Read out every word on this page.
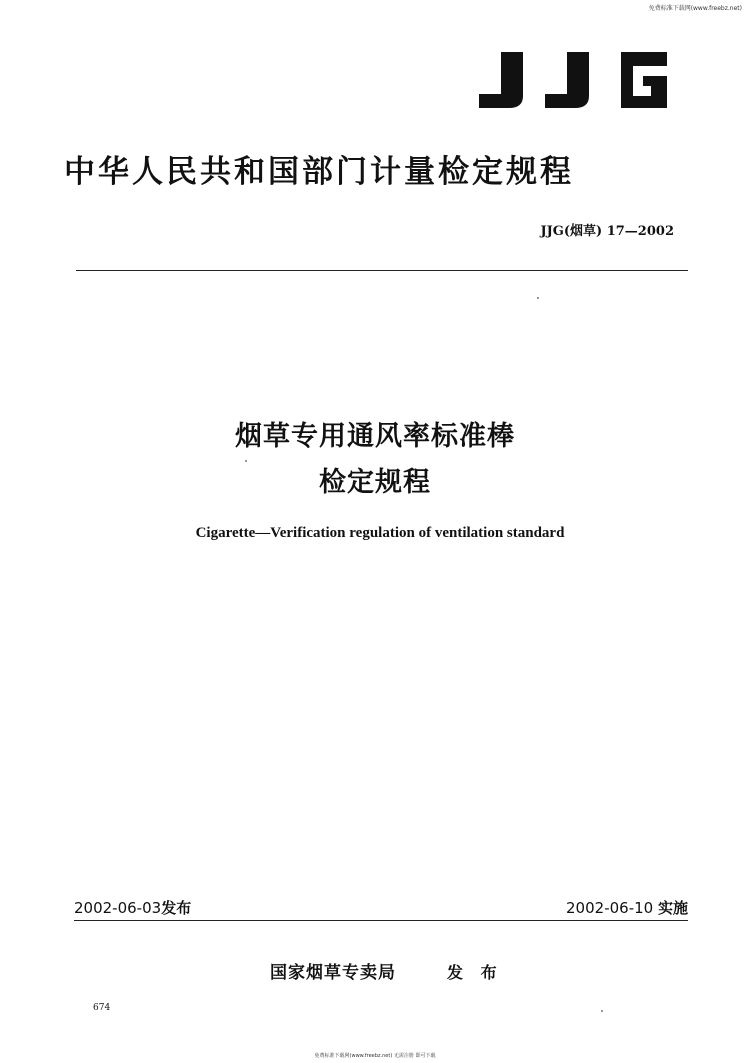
免费标准下载网(www.freebz.net)
中华人民共和国部门计量检定规程
JJG(烟草) 17—2002
烟草专用通风率标准棒
检定规程
Cigarette—Verification regulation of ventilation standard
2002-06-03发布	2002-06-10 实施
国家烟草专卖局	发 布
674
免费标准下载网(www.freebz.net) 无需注册 即可下载
